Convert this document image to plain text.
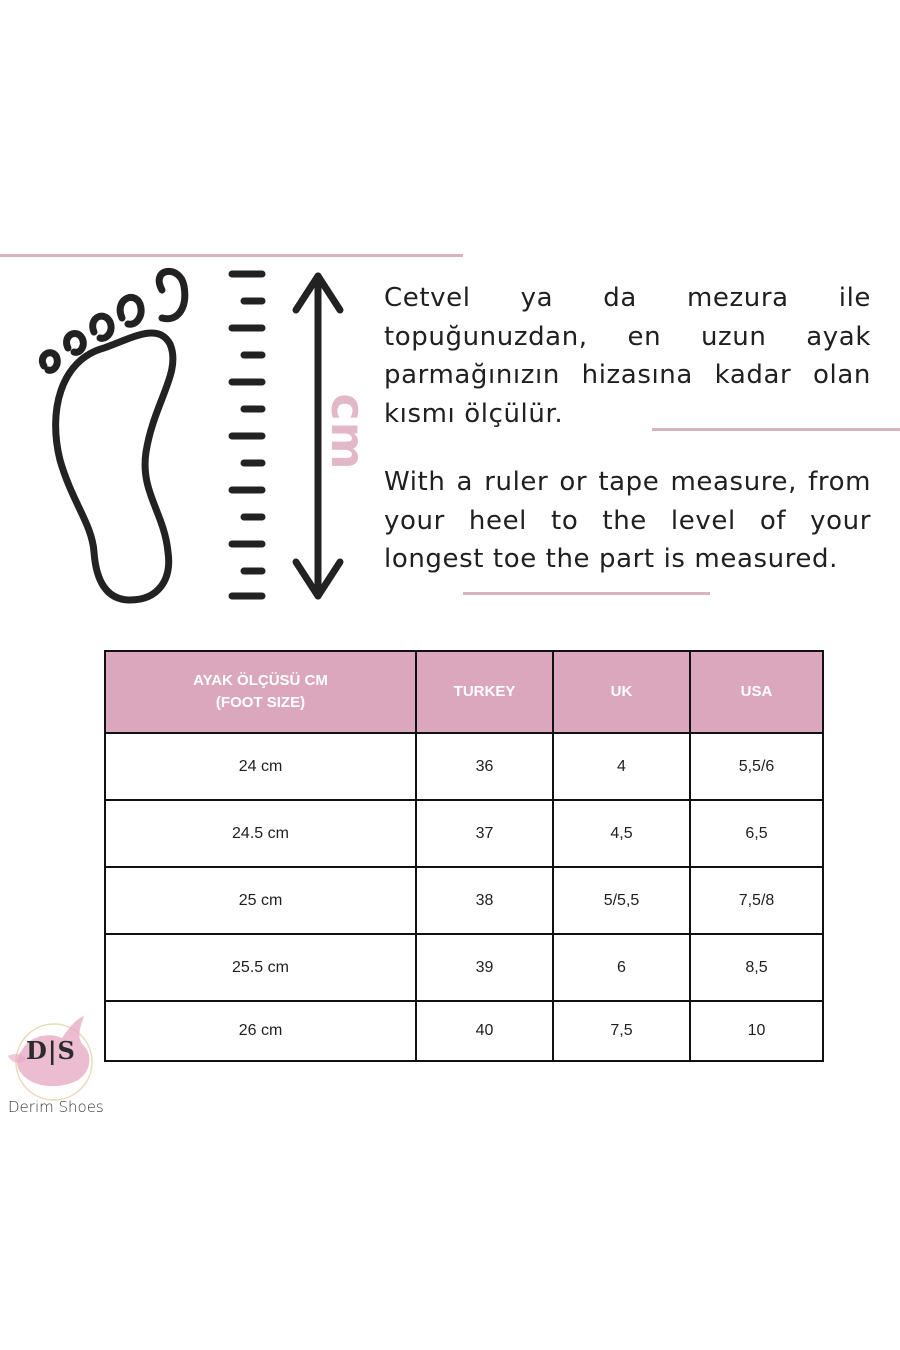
cm

Cetvel ya da mezura ile topuğunuzdan, en uzun ayak parmağınızın hizasına kadar olan kısmı ölçülür.

With a ruler or tape measure, from your heel to the level of your longest toe the part is measured.

AYAK ÖLÇÜSÜ CM
(FOOT SIZE)	TURKEY	UK	USA
24 cm	36	4	5,5/6
24.5 cm	37	4,5	6,5
25 cm	38	5/5,5	7,5/8
25.5 cm	39	6	8,5
26 cm	40	7,5	10
D|S
Derim Shoes
